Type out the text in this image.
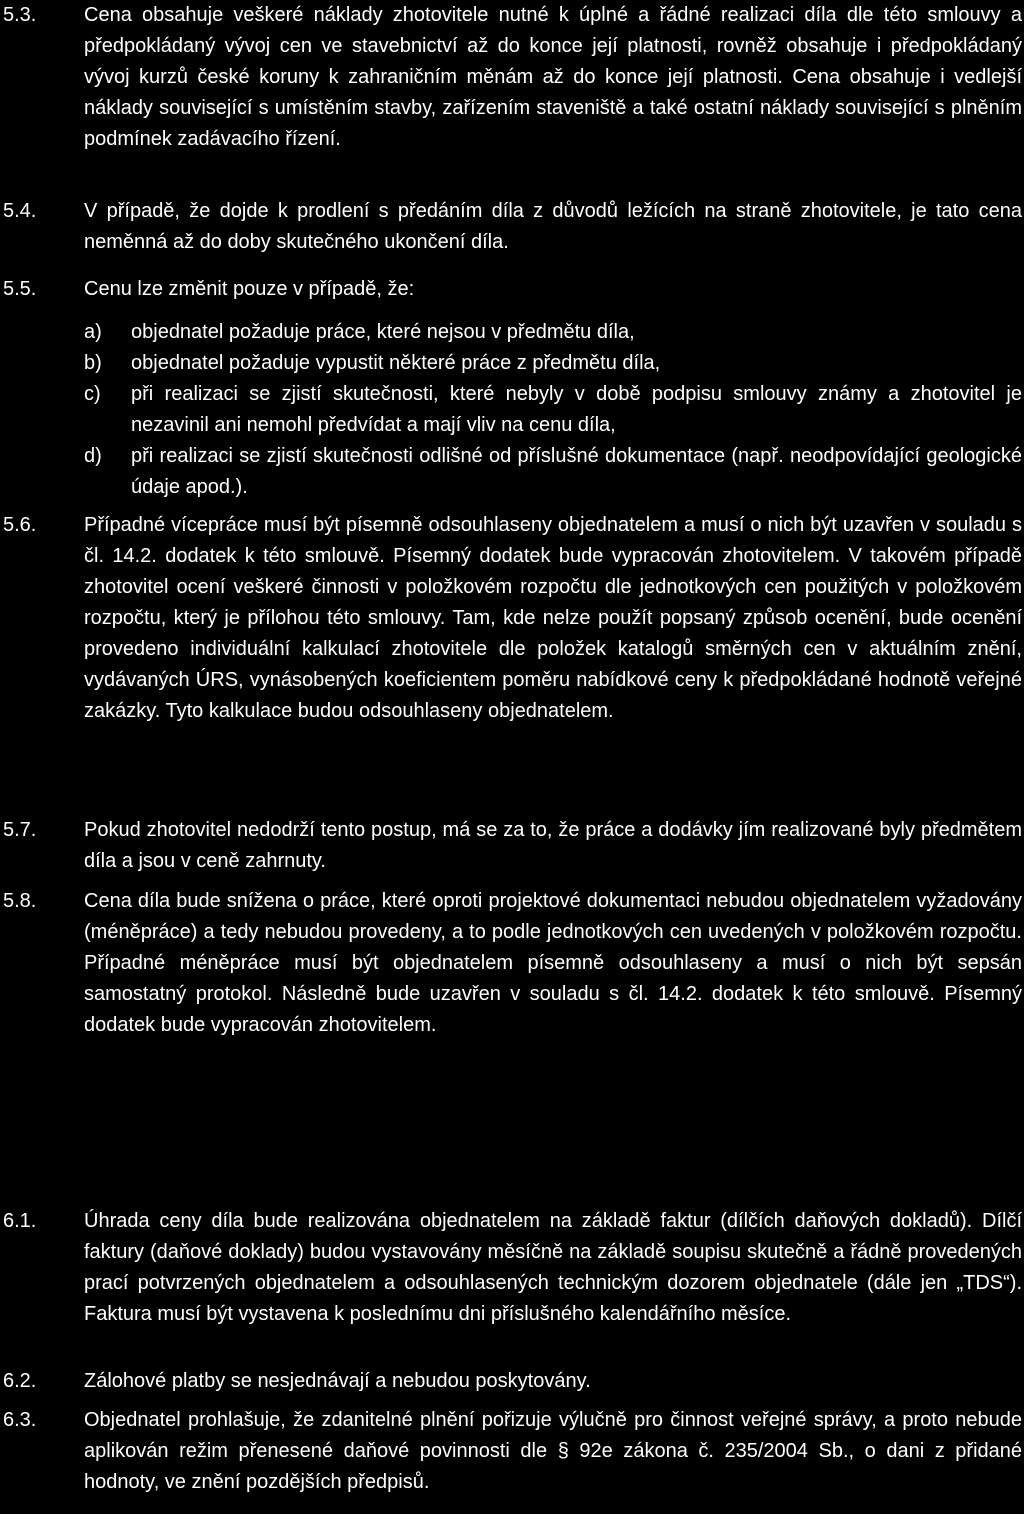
5.3. Cena obsahuje veškeré náklady zhotovitele nutné k úplné a řádné realizaci díla dle této smlouvy a předpokládaný vývoj cen ve stavebnictví až do konce její platnosti, rovněž obsahuje i předpokládaný vývoj kurzů české koruny k zahraničním měnám až do konce její platnosti. Cena obsahuje i vedlejší náklady související s umístěním stavby, zařízením staveniště a také ostatní náklady související s plněním podmínek zadávacího řízení.
5.4. V případě, že dojde k prodlení s předáním díla z důvodů ležících na straně zhotovitele, je tato cena neměnná až do doby skutečného ukončení díla.
5.5. Cenu lze změnit pouze v případě, že:
a)	objednatel požaduje práce, které nejsou v předmětu díla,
b)	objednatel požaduje vypustit některé práce z předmětu díla,
c)	při realizaci se zjistí skutečnosti, které nebyly v době podpisu smlouvy známy a zhotovitel je nezavinil ani nemohl předvídat a mají vliv na cenu díla,
d)	při realizaci se zjistí skutečnosti odlišné od příslušné dokumentace (např. neodpovídající geologické údaje apod.).
5.6. Případné vícepráce musí být písemně odsouhlaseny objednatelem a musí o nich být uzavřen v souladu s čl. 14.2. dodatek k této smlouvě. Písemný dodatek bude vypracován zhotovitelem. V takovém případě zhotovitel ocení veškeré činnosti v položkovém rozpočtu dle jednotkových cen použitých v položkovém rozpočtu, který je přílohou této smlouvy. Tam, kde nelze použít popsaný způsob ocenění, bude ocenění provedeno individuální kalkulací zhotovitele dle položek katalogů směrných cen v aktuálním znění, vydávaných ÚRS, vynásobených koeficientem poměru nabídkové ceny k předpokládané hodnotě veřejné zakázky. Tyto kalkulace budou odsouhlaseny objednatelem.
5.7. Pokud zhotovitel nedodrží tento postup, má se za to, že práce a dodávky jím realizované byly předmětem díla a jsou v ceně zahrnuty.
5.8. Cena díla bude snížena o práce, které oproti projektové dokumentaci nebudou objednatelem vyžadovány (méněpráce) a tedy nebudou provedeny, a to podle jednotkových cen uvedených v položkovém rozpočtu. Případné méněpráce musí být objednatelem písemně odsouhlaseny a musí o nich být sepsán samostatný protokol. Následně bude uzavřen v souladu s čl. 14.2. dodatek k této smlouvě. Písemný dodatek bude vypracován zhotovitelem.
6.1. Úhrada ceny díla bude realizována objednatelem na základě faktur (dílčích daňových dokladů). Dílčí faktury (daňové doklady) budou vystavovány měsíčně na základě soupisu skutečně a řádně provedených prací potvrzených objednatelem a odsouhlasených technickým dozorem objednatele (dále jen „TDS“). Faktura musí být vystavena k poslednímu dni příslušného kalendářního měsíce.
6.2. Zálohové platby se nesjednávají a nebudou poskytovány.
6.3. Objednatel prohlašuje, že zdanitelné plnění pořizuje výlučně pro činnost veřejné správy, a proto nebude aplikován režim přenesené daňové povinnosti dle § 92e zákona č. 235/2004 Sb., o dani z přidané hodnoty, ve znění pozdějších předpisů.
